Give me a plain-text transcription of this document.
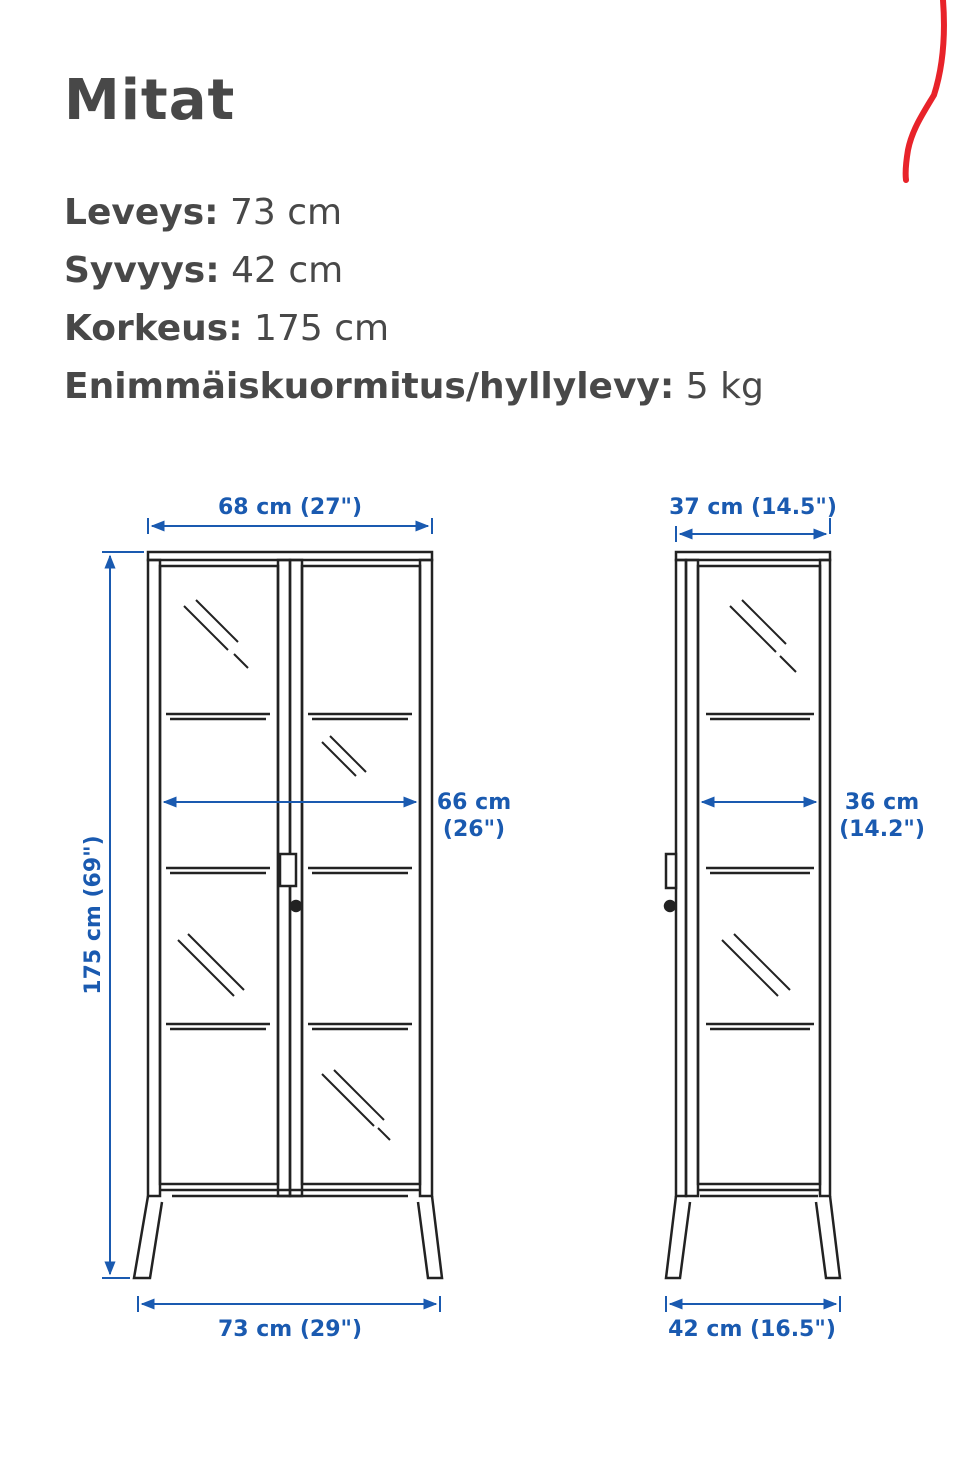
Mitat
Leveys: 73 cm
Syvyys: 42 cm
Korkeus: 175 cm
Enimmäiskuormitus/hyllylevy: 5 kg
68 cm (27")
175 cm (69")
66 cm
(26")
73 cm (29")
37 cm (14.5")
36 cm
(14.2")
42 cm (16.5")
